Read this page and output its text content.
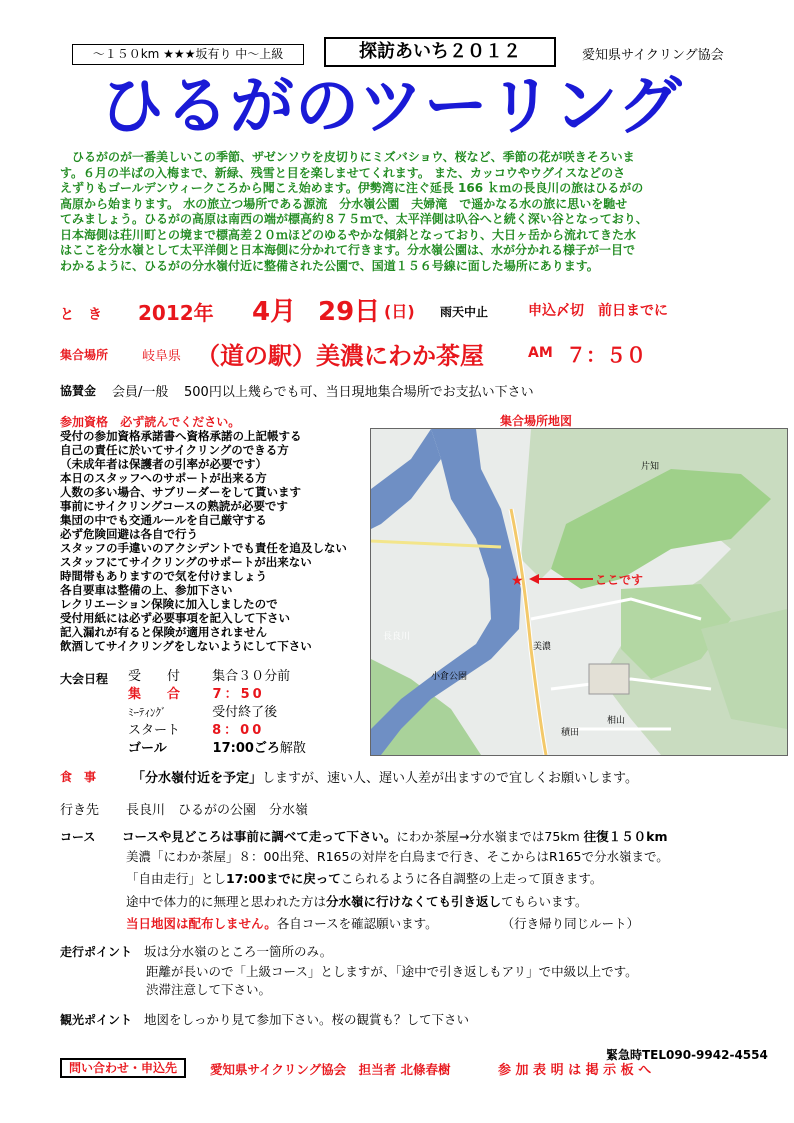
～１５０km ★★★坂有り 中～上級	探訪あいち２０１２	愛知県サイクリング協会
ひるがのツーリング
　ひるがのが一番美しいこの季節、ザゼンソウを皮切りにミズバショウ、桜など、季節の花が咲きそろいま
す。６月の半ばの入梅まで、新緑、残雪と目を楽しませてくれます。 また、カッコウやウグイスなどのさ
えずりもゴールデンウィークころから聞こえ始めます。伊勢湾に注ぐ延長 166 ｋｍの長良川の旅はひるがの
高原から始まります。 水の旅立つ場所である源流　分水嶺公園　夫婦滝　で遥かなる水の旅に思いを馳せ
てみましょう。ひるがの高原は南西の端が標高約８７５ｍで、太平洋側は叺谷へと続く深い谷となっており、
日本海側は荘川町との境まで標高差２０ｍほどのゆるやかな傾斜となっており、大日ヶ岳から流れてきた水
はここを分水嶺として太平洋側と日本海側に分かれて行きます。分水嶺公園は、水が分かれる様子が一目で
わかるように、ひるがの分水嶺付近に整備された公園で、国道１５６号線に面した場所にあります。
と　き 2012年 4月 29日 (日) 雨天中止	申込〆切　前日までに
集合場所	岐阜県 （道の駅）美濃にわか茶屋	AM ７：５０
協賛金 会員/一般 500円以上幾らでも可、当日現地集合場所でお支払い下さい
参加資格 必ず読んでください。
受付の参加資格承諾書へ資格承諾の上記帳する
自己の責任に於いてサイクリングのできる方
（未成年者は保護者の引率が必要です）
本日のスタッフへのサポートが出来る方
人数の多い場合、サブリーダーをして貰います
事前にサイクリングコースの熟読が必要です
集団の中でも交通ルールを自己厳守する
必ず危険回避は各自で行う
スタッフの手違いのアクシデントでも責任を追及しない
スタッフにてサイクリングのサポートが出来ない
時間帯もありますので気を付けましょう
各自要車は整備の上、参加下さい
レクリエーション保険に加入しましたので
受付用紙には必ず必要事項を記入して下さい
記入漏れが有ると保険が適用されません
飲酒してサイクリングをしないようにして下さい
集合場所地図
★	ここです
片知
美濃
小倉公園
長良川
相山
積田
大会日程 受　　付 集合３０分前
集　　合	7：50
ﾐｰﾃｨﾝｸﾞ	受付終了後
スタート 8：00
ゴール	17:00ごろ解散
食　事	「分水嶺付近を予定」しますが、速い人、遅い人差が出ますので宜しくお願いします。
行き先 長良川　ひるがの公園　分水嶺
コース コースや見どころは事前に調べて走って下さい。にわか茶屋→分水嶺までは75km 往復１５０km
美濃「にわか茶屋」８：00出発、R165の対岸を白鳥まで行き、そこからはR165で分水嶺まで。
「自由走行」とし17:00までに戻ってこられるように各自調整の上走って頂きます。
途中で体力的に無理と思われた方は分水嶺に行けなくても引き返してもらいます。
当日地図は配布しません。各自コースを確認願います。	（行き帰り同じルート）
走行ポイント 坂は分水嶺のところ一箇所のみ。
距離が長いので「上級コース」としますが、「途中で引き返しもアリ」で中級以上です。
渋滞注意して下さい。
観光ポイント 地図をしっかり見て参加下さい。桜の観賞も？して下さい
緊急時TEL090-9942-4554
問い合わせ・申込先	愛知県サイクリング協会　担当者 北條春樹	参 加 表 明 は 掲 示 板 へ
